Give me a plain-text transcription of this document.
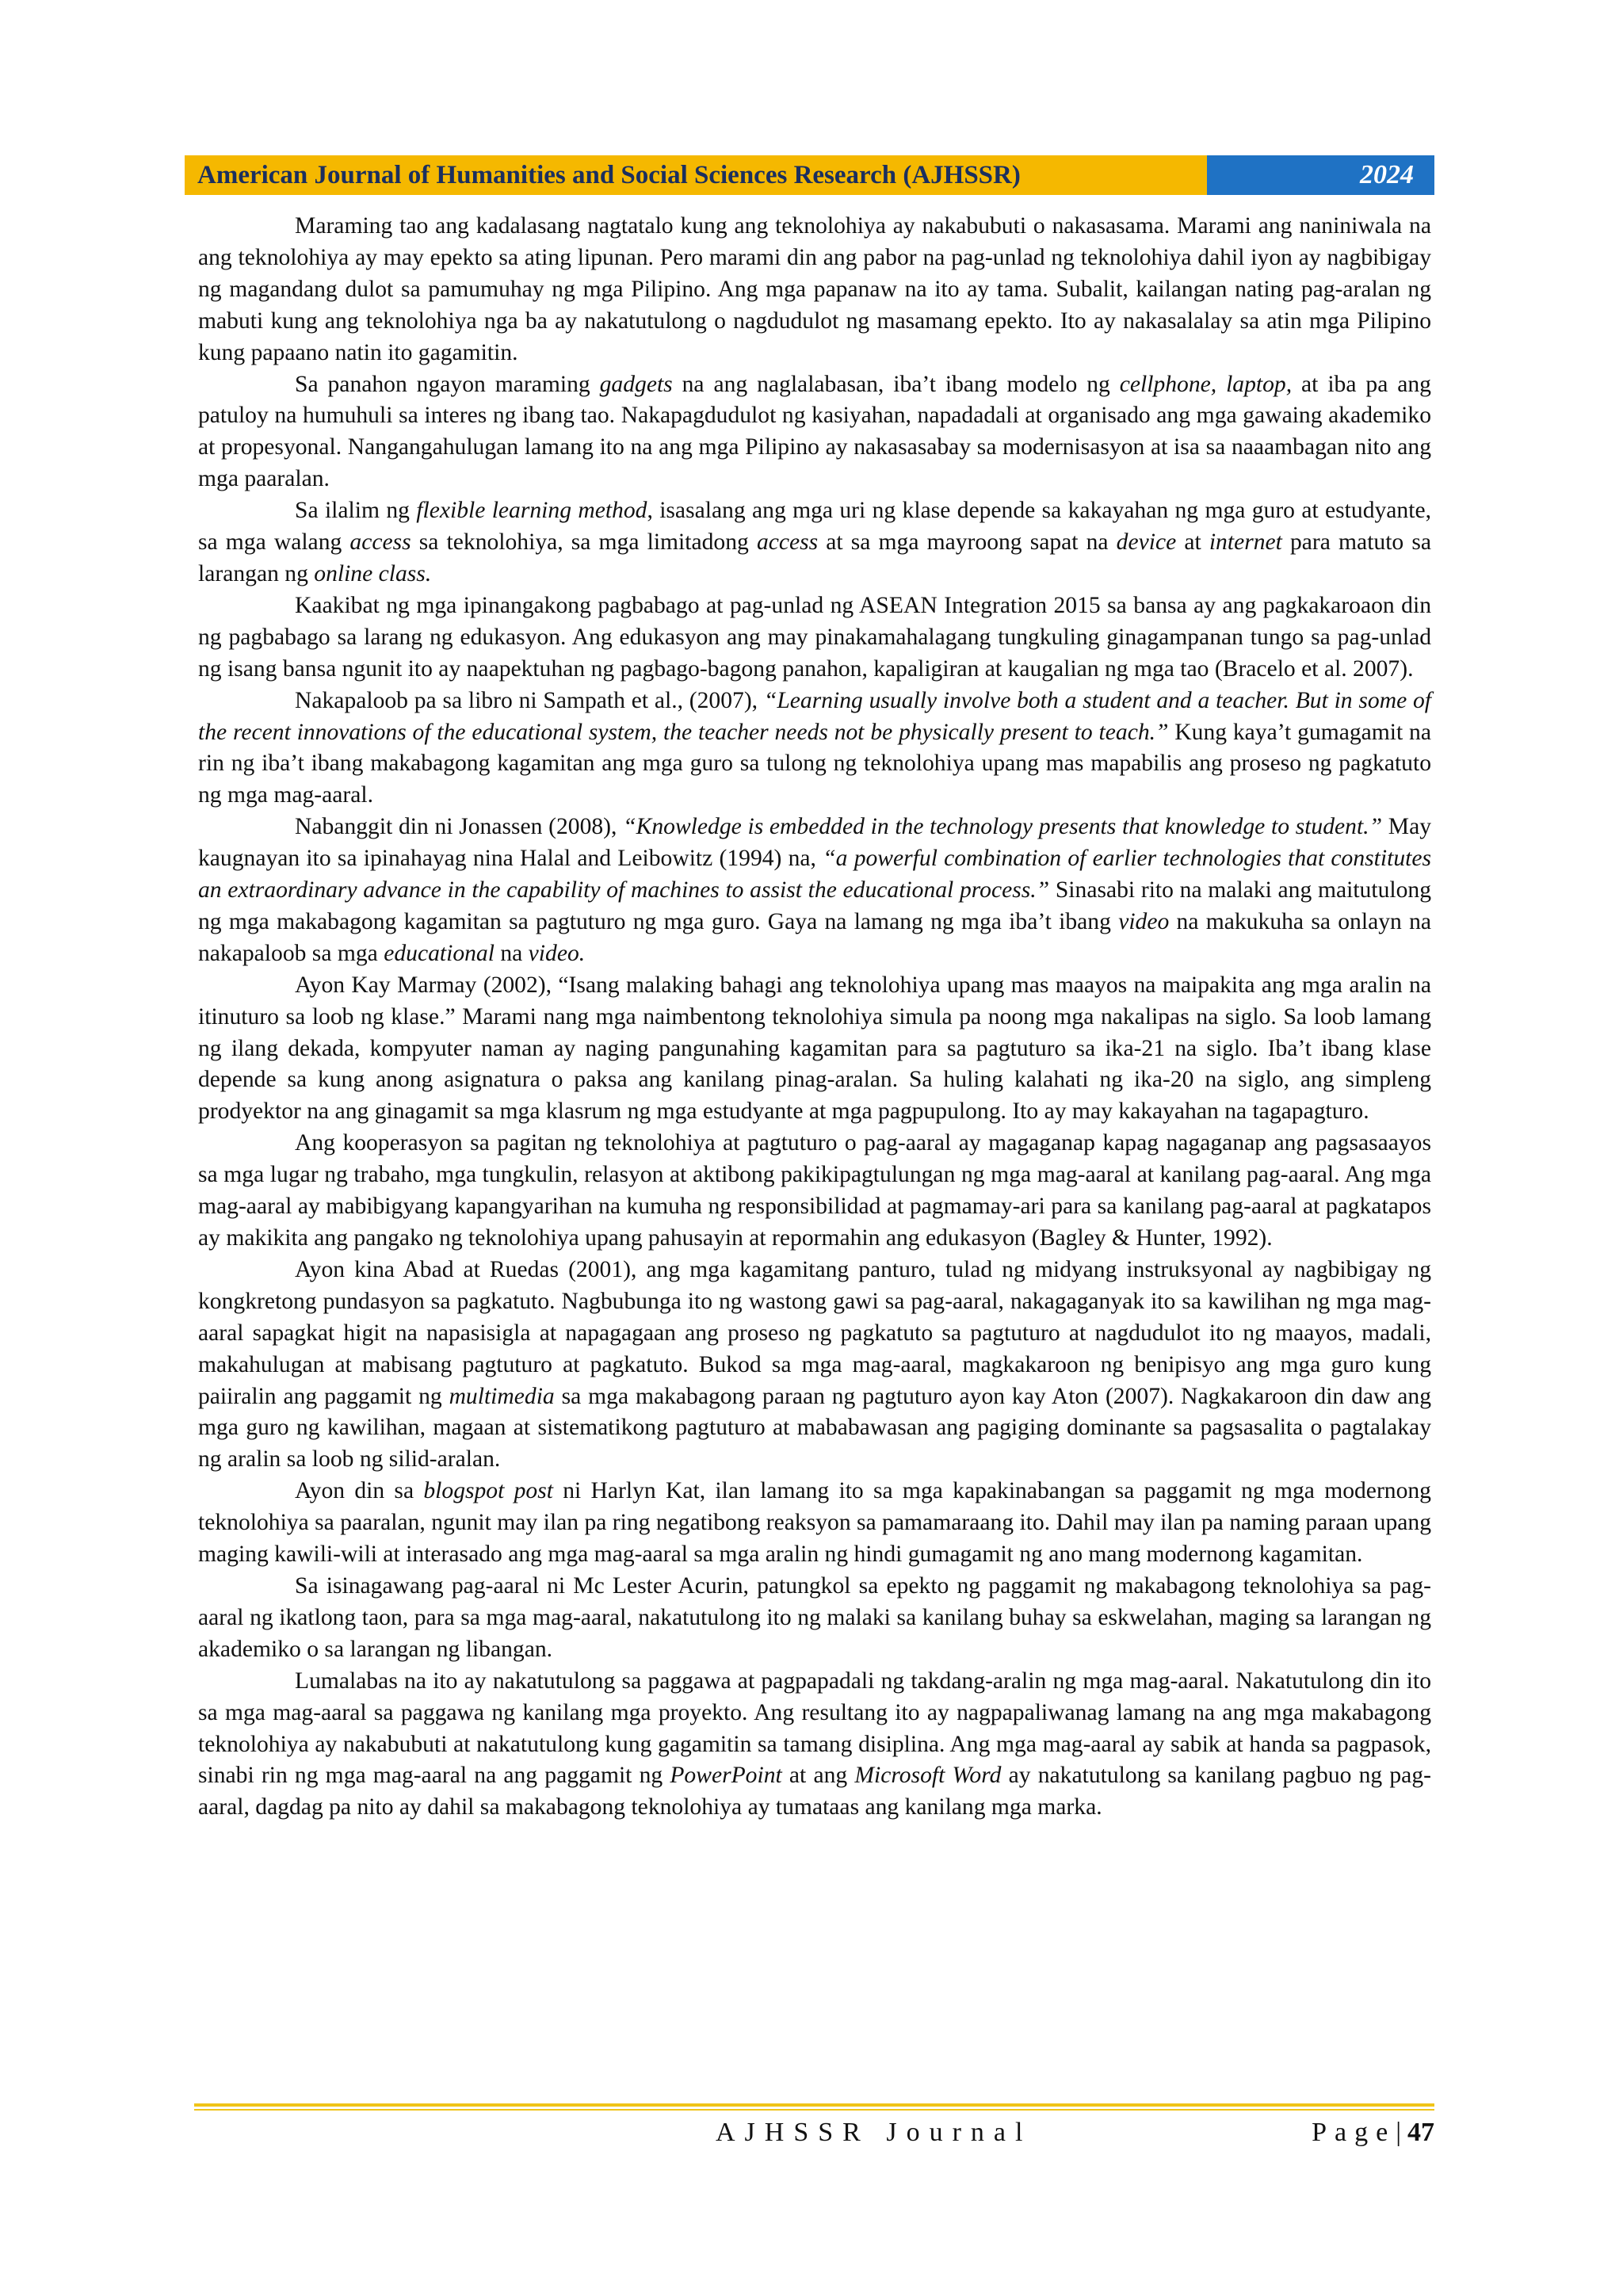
American Journal of Humanities and Social Sciences Research (AJHSSR)	2024

Maraming tao ang kadalasang nagtatalo kung ang teknolohiya ay nakabubuti o nakasasama. Marami ang naniniwala na ang teknolohiya ay may epekto sa ating lipunan. Pero marami din ang pabor na pag-unlad ng teknolohiya dahil iyon ay nagbibigay ng magandang dulot sa pamumuhay ng mga Pilipino. Ang mga papanaw na ito ay tama. Subalit, kailangan nating pag-aralan ng mabuti kung ang teknolohiya nga ba ay nakatutulong o nagdudulot ng masamang epekto. Ito ay nakasalalay sa atin mga Pilipino kung papaano natin ito gagamitin.

Sa panahon ngayon maraming gadgets na ang naglalabasan, iba’t ibang modelo ng cellphone, laptop, at iba pa ang patuloy na humuhuli sa interes ng ibang tao. Nakapagdudulot ng kasiyahan, napadadali at organisado ang mga gawaing akademiko at propesyonal. Nangangahulugan lamang ito na ang mga Pilipino ay nakasasabay sa modernisasyon at isa sa naaambagan nito ang mga paaralan.

Sa ilalim ng flexible learning method, isasalang ang mga uri ng klase depende sa kakayahan ng mga guro at estudyante, sa mga walang access sa teknolohiya, sa mga limitadong access at sa mga mayroong sapat na device at internet para matuto sa larangan ng online class.

Kaakibat ng mga ipinangakong pagbabago at pag-unlad ng ASEAN Integration 2015 sa bansa ay ang pagkakaroaon din ng pagbabago sa larang ng edukasyon. Ang edukasyon ang may pinakamahalagang tungkuling ginagampanan tungo sa pag-unlad ng isang bansa ngunit ito ay naapektuhan ng pagbago-bagong panahon, kapaligiran at kaugalian ng mga tao (Bracelo et al. 2007).

Nakapaloob pa sa libro ni Sampath et al., (2007), “Learning usually involve both a student and a teacher. But in some of the recent innovations of the educational system, the teacher needs not be physically present to teach.” Kung kaya’t gumagamit na rin ng iba’t ibang makabagong kagamitan ang mga guro sa tulong ng teknolohiya upang mas mapabilis ang proseso ng pagkatuto ng mga mag-aaral.

Nabanggit din ni Jonassen (2008), “Knowledge is embedded in the technology presents that knowledge to student.” May kaugnayan ito sa ipinahayag nina Halal and Leibowitz (1994) na, “a powerful combination of earlier technologies that constitutes an extraordinary advance in the capability of machines to assist the educational process.” Sinasabi rito na malaki ang maitutulong ng mga makabagong kagamitan sa pagtuturo ng mga guro. Gaya na lamang ng mga iba’t ibang video na makukuha sa onlayn na nakapaloob sa mga educational na video.

Ayon Kay Marmay (2002), “Isang malaking bahagi ang teknolohiya upang mas maayos na maipakita ang mga aralin na itinuturo sa loob ng klase.” Marami nang mga naimbentong teknolohiya simula pa noong mga nakalipas na siglo. Sa loob lamang ng ilang dekada, kompyuter naman ay naging pangunahing kagamitan para sa pagtuturo sa ika-21 na siglo. Iba’t ibang klase depende sa kung anong asignatura o paksa ang kanilang pinag-aralan. Sa huling kalahati ng ika-20 na siglo, ang simpleng prodyektor na ang ginagamit sa mga klasrum ng mga estudyante at mga pagpupulong. Ito ay may kakayahan na tagapagturo.

Ang kooperasyon sa pagitan ng teknolohiya at pagtuturo o pag-aaral ay magaganap kapag nagaganap ang pagsasaayos sa mga lugar ng trabaho, mga tungkulin, relasyon at aktibong pakikipagtulungan ng mga mag-aaral at kanilang pag-aaral. Ang mga mag-aaral ay mabibigyang kapangyarihan na kumuha ng responsibilidad at pagmamay-ari para sa kanilang pag-aaral at pagkatapos ay makikita ang pangako ng teknolohiya upang pahusayin at repormahin ang edukasyon (Bagley & Hunter, 1992).

Ayon kina Abad at Ruedas (2001), ang mga kagamitang panturo, tulad ng midyang instruksyonal ay nagbibigay ng kongkretong pundasyon sa pagkatuto. Nagbubunga ito ng wastong gawi sa pag-aaral, nakagaganyak ito sa kawilihan ng mga mag-aaral sapagkat higit na napasisigla at napagagaan ang proseso ng pagkatuto sa pagtuturo at nagdudulot ito ng maayos, madali, makahulugan at mabisang pagtuturo at pagkatuto. Bukod sa mga mag-aaral, magkakaroon ng benipisyo ang mga guro kung paiiralin ang paggamit ng multimedia sa mga makabagong paraan ng pagtuturo ayon kay Aton (2007). Nagkakaroon din daw ang mga guro ng kawilihan, magaan at sistematikong pagtuturo at mababawasan ang pagiging dominante sa pagsasalita o pagtalakay ng aralin sa loob ng silid-aralan.

Ayon din sa blogspot post ni Harlyn Kat, ilan lamang ito sa mga kapakinabangan sa paggamit ng mga modernong teknolohiya sa paaralan, ngunit may ilan pa ring negatibong reaksyon sa pamamaraang ito. Dahil may ilan pa naming paraan upang maging kawili-wili at interasado ang mga mag-aaral sa mga aralin ng hindi gumagamit ng ano mang modernong kagamitan.

Sa isinagawang pag-aaral ni Mc Lester Acurin, patungkol sa epekto ng paggamit ng makabagong teknolohiya sa pag-aaral ng ikatlong taon, para sa mga mag-aaral, nakatutulong ito ng malaki sa kanilang buhay sa eskwelahan, maging sa larangan ng akademiko o sa larangan ng libangan.

Lumalabas na ito ay nakatutulong sa paggawa at pagpapadali ng takdang-aralin ng mga mag-aaral. Nakatutulong din ito sa mga mag-aaral sa paggawa ng kanilang mga proyekto. Ang resultang ito ay nagpapaliwanag lamang na ang mga makabagong teknolohiya ay nakabubuti at nakatutulong kung gagamitin sa tamang disiplina. Ang mga mag-aaral ay sabik at handa sa pagpasok, sinabi rin ng mga mag-aaral na ang paggamit ng PowerPoint at ang Microsoft Word ay nakatutulong sa kanilang pagbuo ng pag-aaral, dagdag pa nito ay dahil sa makabagong teknolohiya ay tumataas ang kanilang mga marka.

AJHSSR Journal	Page| 47
